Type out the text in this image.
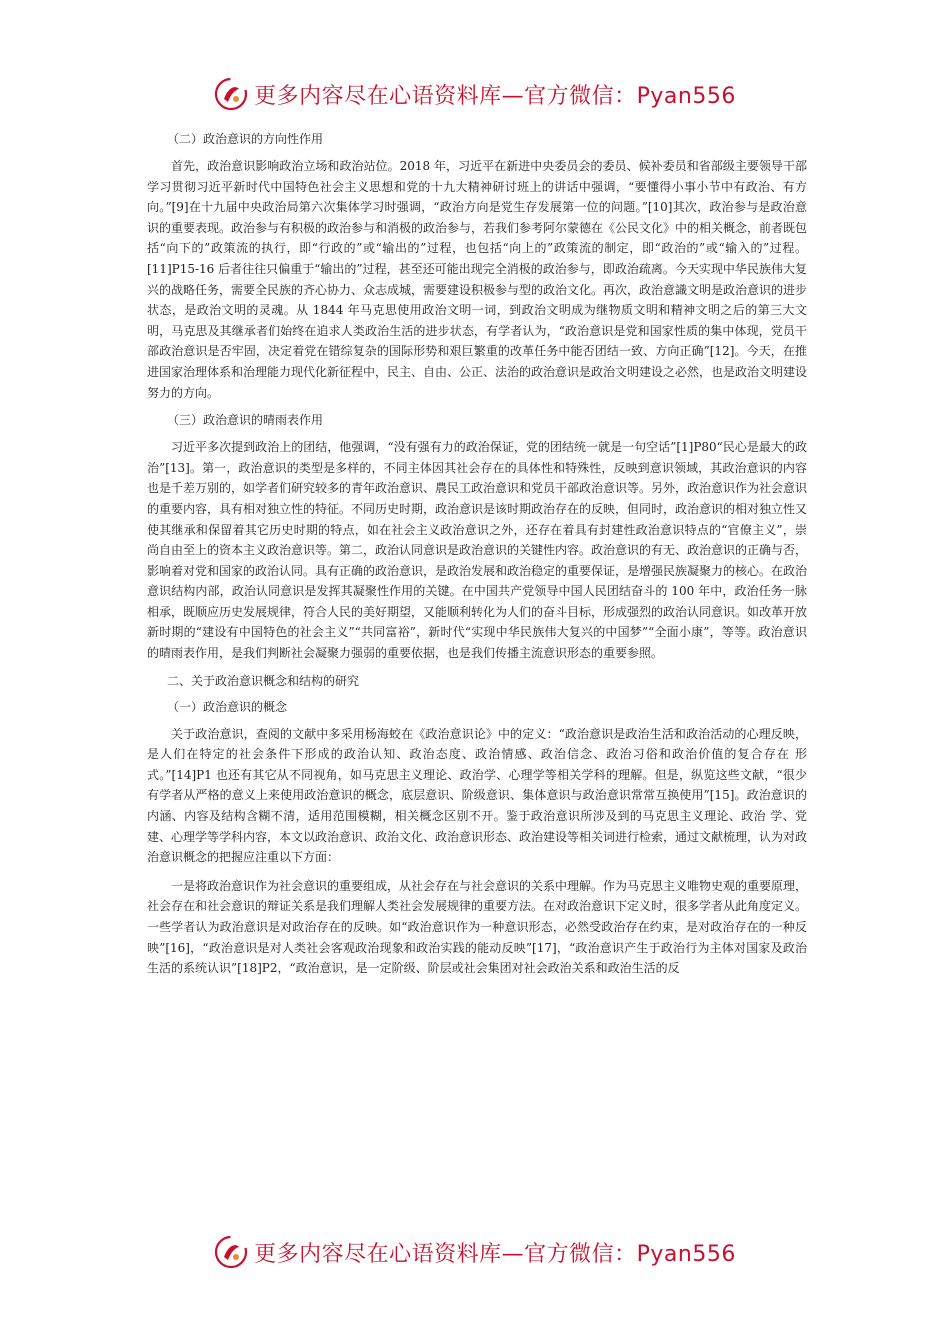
更多内容尽在心语资料库—官方微信：Pyan556
（二）政治意识的方向性作用

首先，政治意识影响政治立场和政治站位。2018 年，习近平在新进中央委员会的委员、候补委员和省部级主要领导干部学习贯彻习近平新时代中国特色社会主义思想和党的十九大精神研讨班上的讲话中强调，“要懂得小事小节中有政治、有方向。”[9]在十九届中央政治局第六次集体学习时强调，“政治方向是党生存发展第一位的问题。”[10]其次，政治参与是政治意识的重要表现。政治参与有积极的政治参与和消极的政治参与，若我们参考阿尔蒙德在《公民文化》中的相关概念，前者既包括“向下的”政策流的执行，即“行政的”或“输出的”过程，也包括“向上的”政策流的制定，即“政治的”或“输入的”过程。[11]P15-16 后者往往只偏重于“输出的”过程，甚至还可能出现完全消极的政治参与，即政治疏离。今天实现中华民族伟大复兴的战略任务，需要全民族的齐心协力、众志成城，需要建设积极参与型的政治文化。再次，政治意識文明是政治意识的进步状态，是政治文明的灵魂。从 1844 年马克思使用政治文明一词，到政治文明成为继物质文明和精神文明之后的第三大文明，马克思及其继承者们始终在追求人类政治生活的进步状态，有学者认为，“政治意识是党和国家性质的集中体现，党员干部政治意识是否牢固，决定着党在错综复杂的国际形势和艰巨繁重的改革任务中能否团结一致、方向正确”[12]。今天，在推进国家治理体系和治理能力现代化新征程中，民主、自由、公正、法治的政治意识是政治文明建设之必然，也是政治文明建设努力的方向。

（三）政治意识的晴雨表作用

习近平多次提到政治上的团结，他强调，“没有强有力的政治保证，党的团结统一就是一句空话”[1]P80“民心是最大的政治”[13]。第一，政治意识的类型是多样的，不同主体因其社会存在的具体性和特殊性，反映到意识领域，其政治意识的内容也是千差万别的，如学者们研究较多的青年政治意识、農民工政治意识和党员干部政治意识等。另外，政治意识作为社会意识的重要内容，具有相对独立性的特征。不同历史时期，政治意识是该时期政治存在的反映，但同时，政治意识的相对独立性又使其继承和保留着其它历史时期的特点，如在社会主义政治意识之外，还存在着具有封建性政治意识特点的“官僚主义”，崇尚自由至上的资本主义政治意识等。第二，政治认同意识是政治意识的关键性内容。政治意识的有无、政治意识的正确与否，影响着对党和国家的政治认同。具有正确的政治意识，是政治发展和政治稳定的重要保证，是增强民族凝聚力的核心。在政治意识结构内部，政治认同意识是发挥其凝聚性作用的关键。在中国共产党领导中国人民团结奋斗的 100 年中，政治任务一脉相承，既顺应历史发展规律，符合人民的美好期望，又能顺利转化为人们的奋斗目标，形成强烈的政治认同意识。如改革开放新时期的“建设有中国特色的社会主义”“共同富裕”，新时代“实现中华民族伟大复兴的中国梦”“全面小康”，等等。政治意识的晴雨表作用，是我们判断社会凝聚力强弱的重要依据，也是我们传播主流意识形态的重要参照。

二、关于政治意识概念和结构的研究
（一）政治意识的概念

关于政治意识，查阅的文献中多采用杨海蛟在《政治意识论》中的定义：“政治意识是政治生活和政治活动的心理反映，是人们在特定的社会条件下形成的政治认知、政治态度、政治情感、政治信念、政治习俗和政治价值的复合存在 形式。”[14]P1 也还有其它从不同视角，如马克思主义理论、政治学、心理学等相关学科的理解。但是，纵览这些文献，“很少有学者从严格的意义上来使用政治意识的概念，底层意识、阶级意识、集体意识与政治意识常常互换使用”[15]。政治意识的内涵、内容及结构含糊不清，适用范围模糊，相关概念区别不开。鉴于政治意识所涉及到的马克思主义理论、政治 学、党建、心理学等学科内容，本文以政治意识、政治文化、政治意识形态、政治建设等相关词进行检索，通过文献梳理，认为对政治意识概念的把握应注重以下方面：

一是将政治意识作为社会意识的重要组成，从社会存在与社会意识的关系中理解。作为马克思主义唯物史观的重要原理，社会存在和社会意识的辩证关系是我们理解人类社会发展规律的重要方法。在对政治意识下定义时，很多学者从此角度定义。一些学者认为政治意识是对政治存在的反映。如“政治意识作为一种意识形态，必然受政治存在约束，是对政治存在的一种反映”[16]，“政治意识是对人类社会客观政治现象和政治实践的能动反映”[17]，“政治意识产生于政治行为主体对国家及政治生活的系统认识”[18]P2，“政治意识，是一定阶级、阶层或社会集团对社会政治关系和政治生活的反

更多内容尽在心语资料库—官方微信：Pyan556
